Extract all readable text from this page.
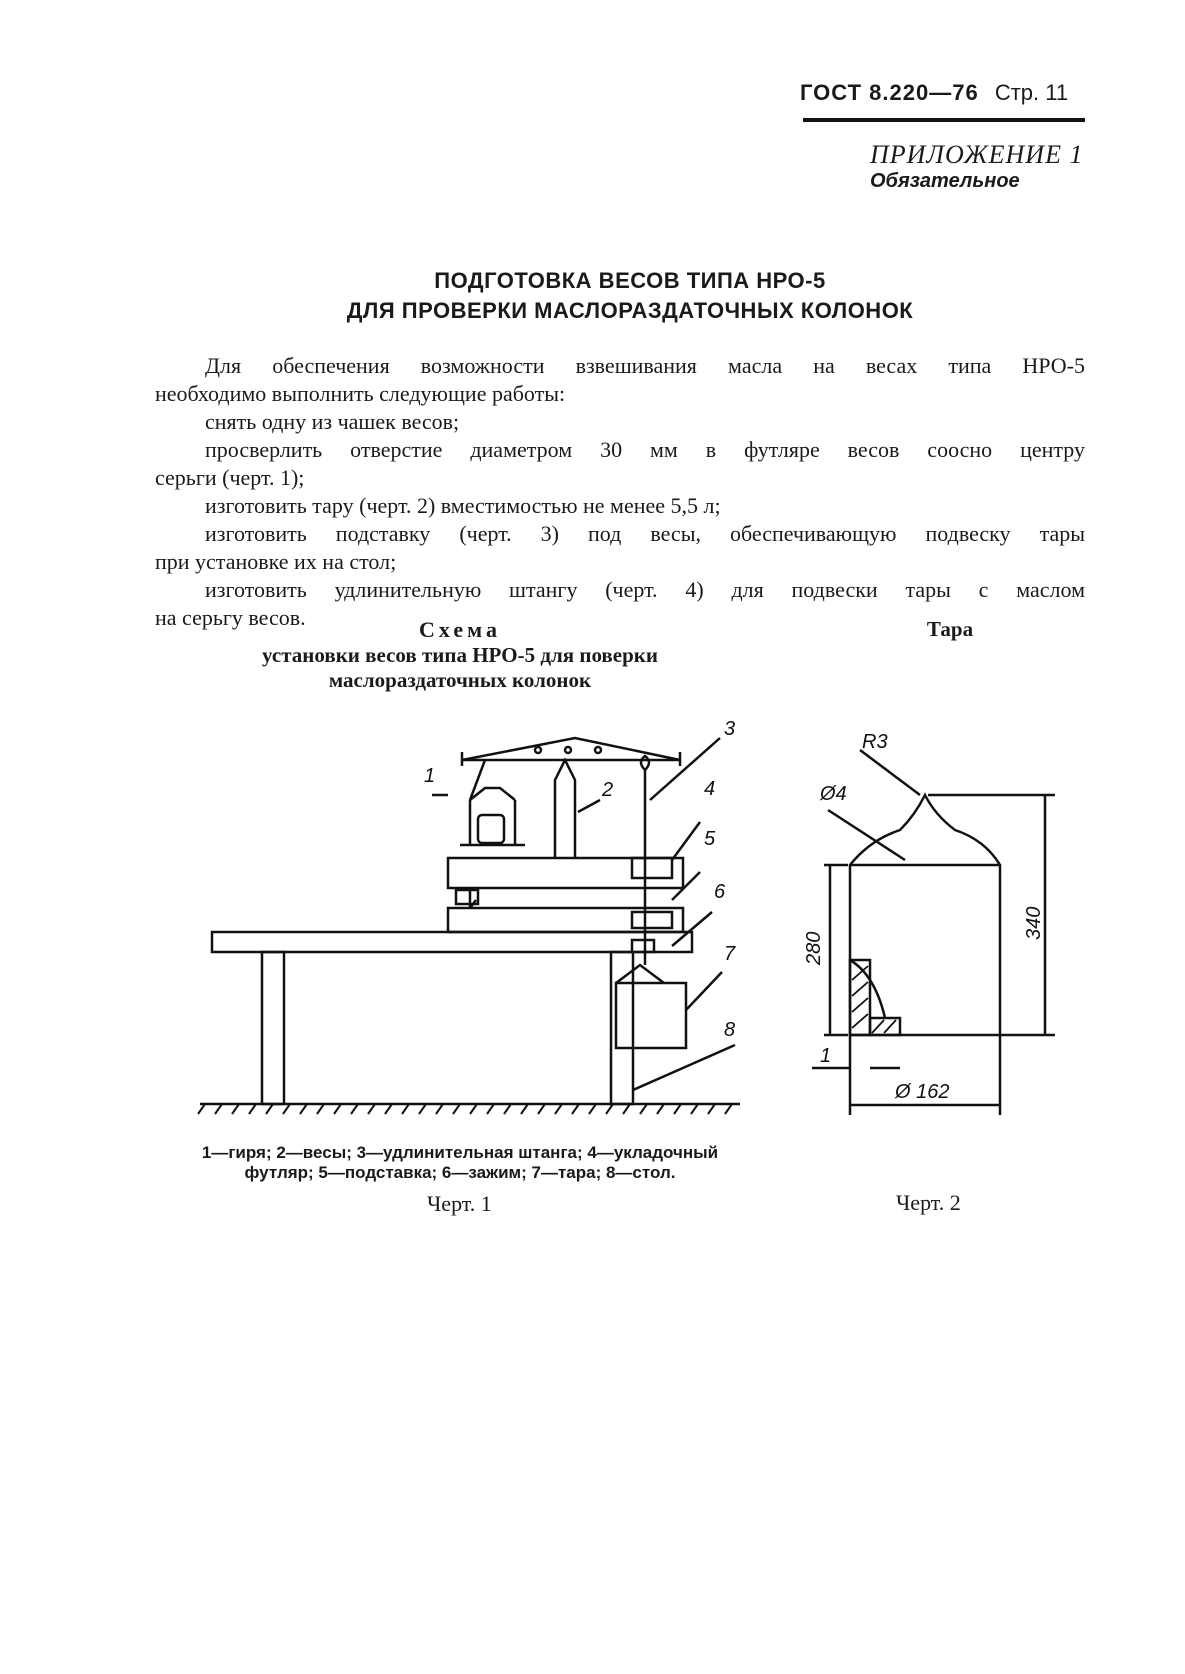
ГОСТ 8.220—76 Стр. 11
ПРИЛОЖЕНИЕ 1
Обязательное
ПОДГОТОВКА ВЕСОВ ТИПА НРО-5
ДЛЯ ПРОВЕРКИ МАСЛОРАЗДАТОЧНЫХ КОЛОНОК

Для обеспечения возможности взвешивания масла на весах типа НРО-5

необходимо выполнить следующие работы:

снять одну из чашек весов;

просверлить отверстие диаметром 30 мм в футляре весов соосно центру

серьги (черт. 1);

изготовить тару (черт. 2) вместимостью не менее 5,5 л;

изготовить подставку (черт. 3) под весы, обеспечивающую подвеску тары

при установке их на стол;

изготовить удлинительную штангу (черт. 4) для подвески тары с маслом

на серьгу весов.	Схема
установки весов типа НРО-5 для поверки
маслораздаточных колонок
Тара
1
2
3
4
5
6
7
8
1—гиря; 2—весы; 3—удлинительная штанга; 4—укладочный
футляр; 5—подставка; 6—зажим; 7—тара; 8—стол.
Черт. 1
R3
Ø4
280
340
1
Ø 162
Черт. 2
